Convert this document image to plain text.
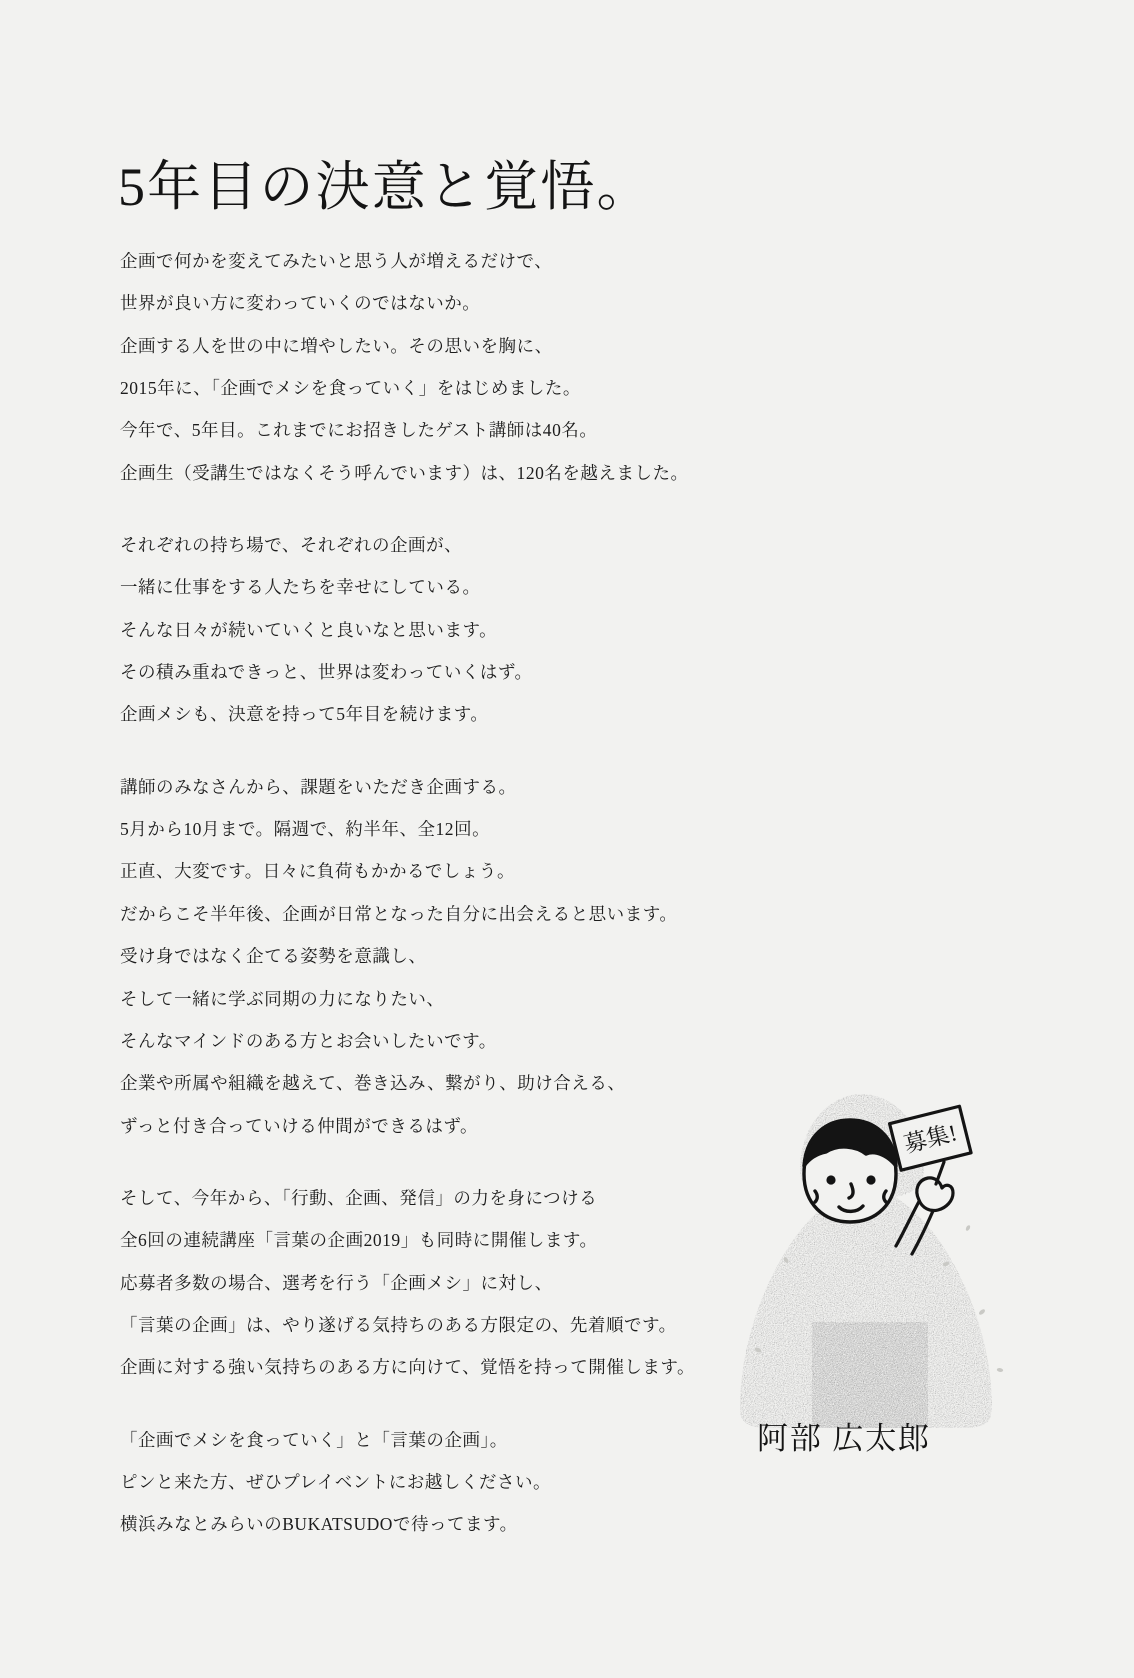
5年目の決意と覚悟。

企画で何かを変えてみたいと思う人が増えるだけで、
世界が良い方に変わっていくのではないか。
企画する人を世の中に増やしたい。その思いを胸に、
2015年に、「企画でメシを食っていく」をはじめました。
今年で、5年目。これまでにお招きしたゲスト講師は40名。
企画生（受講生ではなくそう呼んでいます）は、120名を越えました。

それぞれの持ち場で、それぞれの企画が、
一緒に仕事をする人たちを幸せにしている。
そんな日々が続いていくと良いなと思います。
その積み重ねできっと、世界は変わっていくはず。
企画メシも、決意を持って5年目を続けます。

講師のみなさんから、課題をいただき企画する。
5月から10月まで。隔週で、約半年、全12回。
正直、大変です。日々に負荷もかかるでしょう。
だからこそ半年後、企画が日常となった自分に出会えると思います。
受け身ではなく企てる姿勢を意識し、
そして一緒に学ぶ同期の力になりたい、
そんなマインドのある方とお会いしたいです。
企業や所属や組織を越えて、巻き込み、繋がり、助け合える、
ずっと付き合っていける仲間ができるはず。

そして、今年から、「行動、企画、発信」の力を身につける
全6回の連続講座「言葉の企画2019」も同時に開催します。
応募者多数の場合、選考を行う「企画メシ」に対し、
「言葉の企画」は、やり遂げる気持ちのある方限定の、先着順です。
企画に対する強い気持ちのある方に向けて、覚悟を持って開催します。

「企画でメシを食っていく」と「言葉の企画」。
ピンと来た方、ぜひプレイベントにお越しください。
横浜みなとみらいのBUKATSUDOで待ってます。

募集!
阿部 広太郎
